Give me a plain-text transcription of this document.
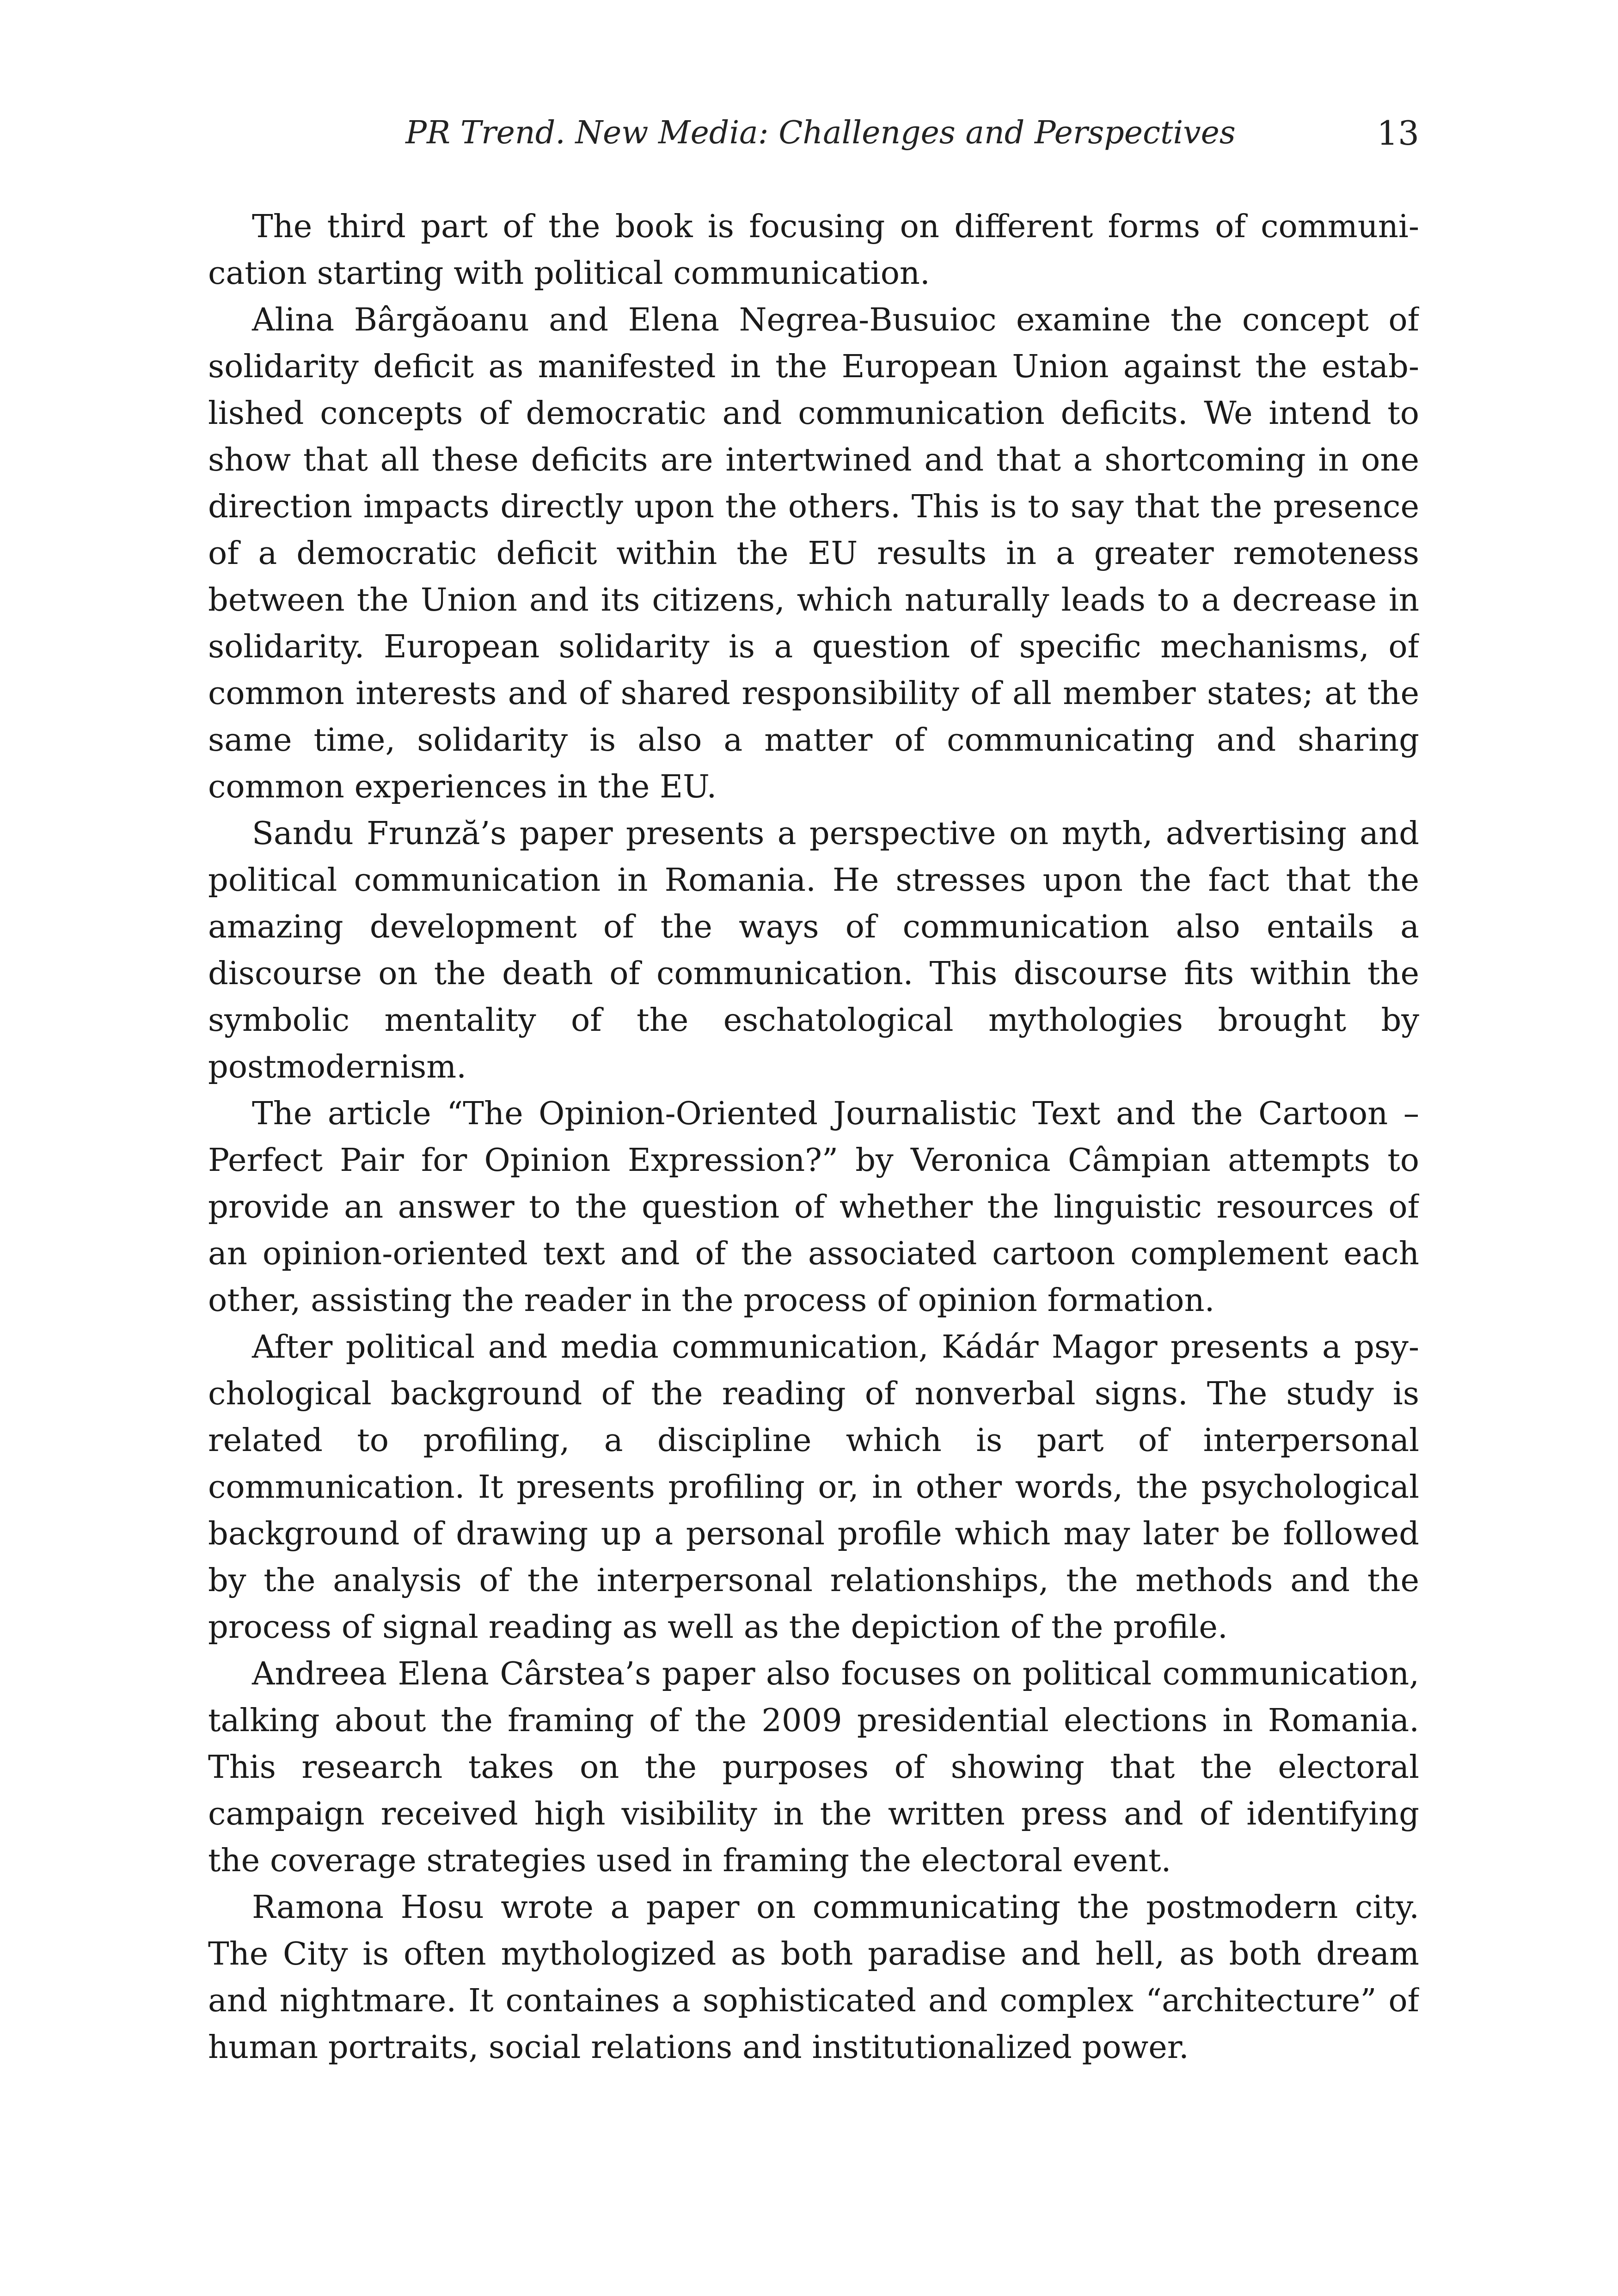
PR Trend. New Media: Challenges and Perspectives	13

The third part of the book is focusing on different forms of communication starting with political communication.

Alina Bârgăoanu and Elena Negrea-Busuioc examine the concept of solidarity deficit as manifested in the European Union against the established concepts of democratic and communication deficits. We intend to show that all these deficits are intertwined and that a shortcoming in one direction impacts directly upon the others. This is to say that the presence of a democratic deficit within the EU results in a greater remoteness between the Union and its citizens, which naturally leads to a decrease in solidarity. European solidarity is a question of specific mechanisms, of common interests and of shared responsibility of all member states; at the same time, solidarity is also a matter of communicating and sharing common experiences in the EU.

Sandu Frunză’s paper presents a perspective on myth, advertising and political communication in Romania. He stresses upon the fact that the amazing development of the ways of communication also entails a discourse on the death of communication. This discourse fits within the symbolic mentality of the eschatological mythologies brought by postmodernism.

The article “The Opinion-Oriented Journalistic Text and the Cartoon – Perfect Pair for Opinion Expression?” by Veronica Câmpian attempts to provide an answer to the question of whether the linguistic resources of an opinion-oriented text and of the associated cartoon complement each other, assisting the reader in the process of opinion formation.

After political and media communication, Kádár Magor presents a psychological background of the reading of nonverbal signs. The study is related to profiling, a discipline which is part of interpersonal communication. It presents profiling or, in other words, the psychological background of drawing up a personal profile which may later be followed by the analysis of the interpersonal relationships, the methods and the process of signal reading as well as the depiction of the profile.

Andreea Elena Cârstea’s paper also focuses on political communication, talking about the framing of the 2009 presidential elections in Romania. This research takes on the purposes of showing that the electoral campaign received high visibility in the written press and of identifying the coverage strategies used in framing the electoral event.

Ramona Hosu wrote a paper on communicating the postmodern city. The City is often mythologized as both paradise and hell, as both dream and nightmare. It containes a sophisticated and complex “architecture” of human portraits, social relations and institutionalized power.
